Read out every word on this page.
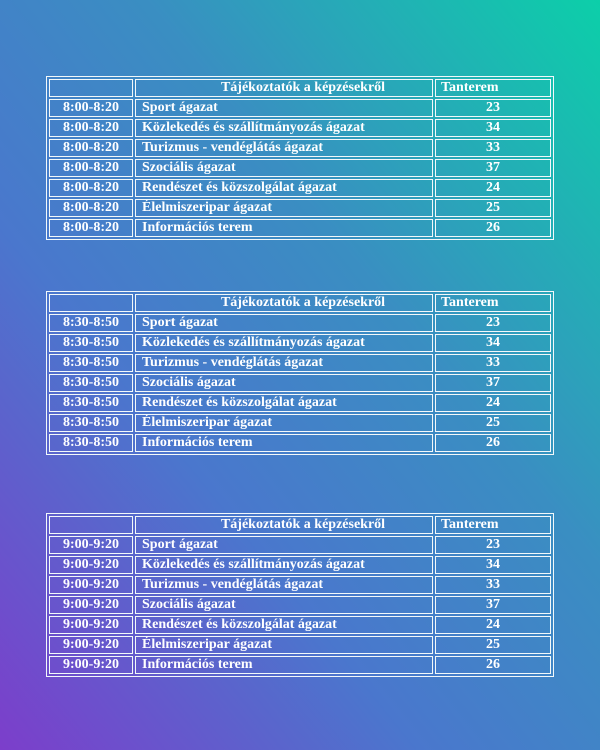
	Tájékoztatók a képzésekről	Tanterem
8:00-8:20	Sport ágazat	23
8:00-8:20	Közlekedés és szállítmányozás ágazat	34
8:00-8:20	Turizmus - vendéglátás ágazat	33
8:00-8:20	Szociális ágazat	37
8:00-8:20	Rendészet és közszolgálat ágazat	24
8:00-8:20	Élelmiszeripar ágazat	25
8:00-8:20	Információs terem	26
	Tájékoztatók a képzésekről	Tanterem
8:30-8:50	Sport ágazat	23
8:30-8:50	Közlekedés és szállítmányozás ágazat	34
8:30-8:50	Turizmus - vendéglátás ágazat	33
8:30-8:50	Szociális ágazat	37
8:30-8:50	Rendészet és közszolgálat ágazat	24
8:30-8:50	Élelmiszeripar ágazat	25
8:30-8:50	Információs terem	26
	Tájékoztatók a képzésekről	Tanterem
9:00-9:20	Sport ágazat	23
9:00-9:20	Közlekedés és szállítmányozás ágazat	34
9:00-9:20	Turizmus - vendéglátás ágazat	33
9:00-9:20	Szociális ágazat	37
9:00-9:20	Rendészet és közszolgálat ágazat	24
9:00-9:20	Élelmiszeripar ágazat	25
9:00-9:20	Információs terem	26
